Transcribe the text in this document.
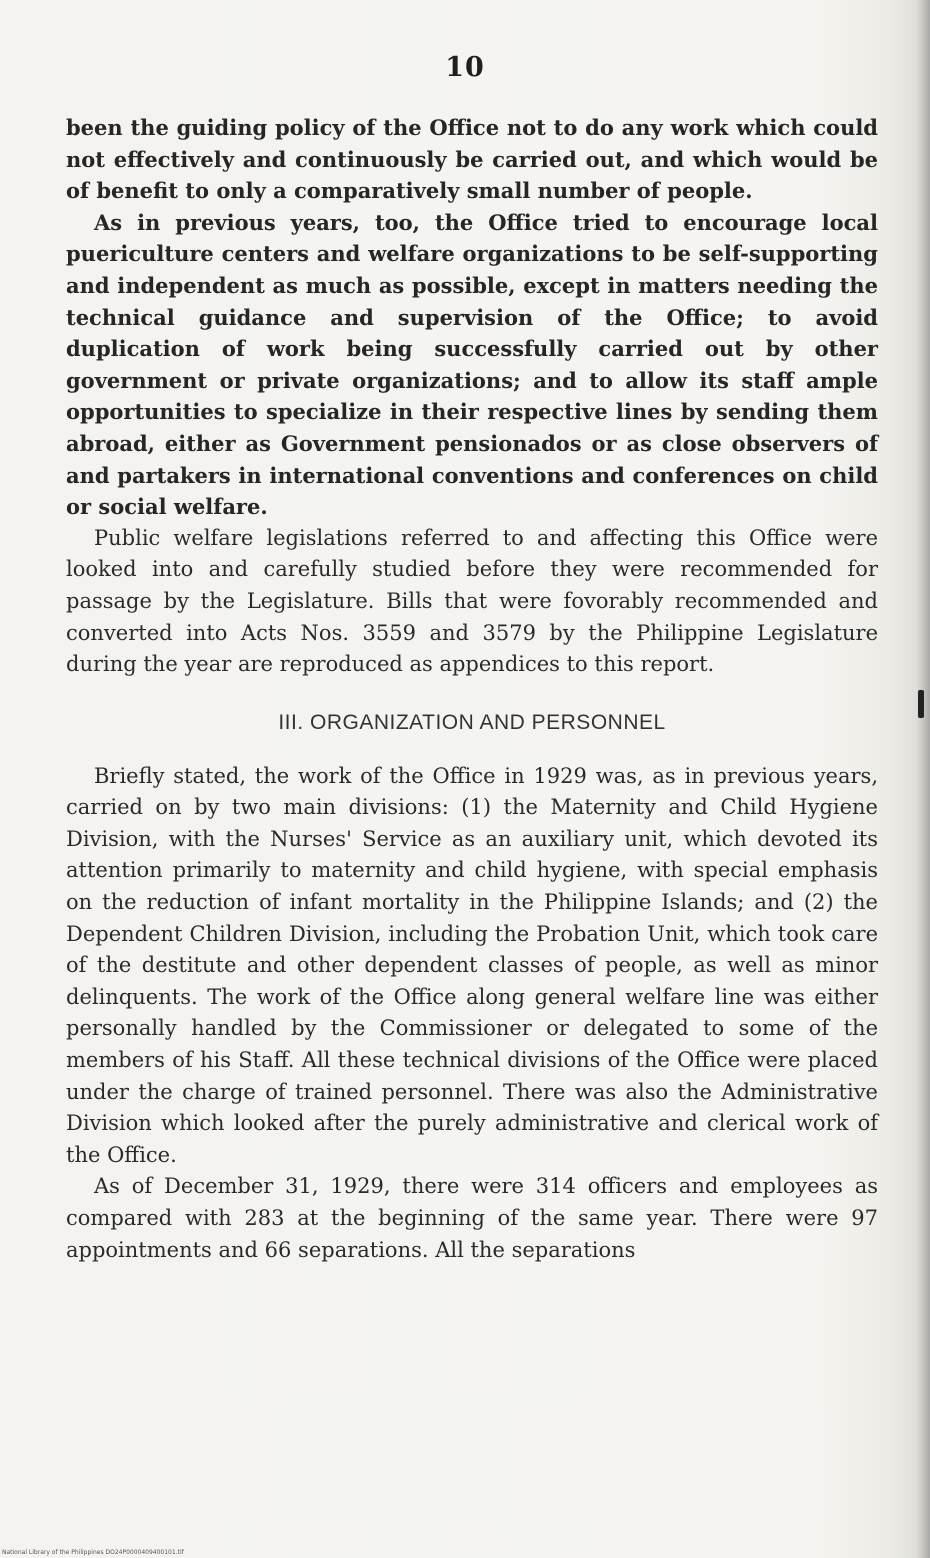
10

been the guiding policy of the Office not to do any work which could not effectively and continuously be carried out, and which would be of benefit to only a comparatively small number of people.

As in previous years, too, the Office tried to encourage local puericulture centers and welfare organizations to be self-supporting and independent as much as possible, except in matters needing the technical guidance and supervision of the Office; to avoid duplication of work being successfully carried out by other government or private organizations; and to allow its staff ample opportunities to specialize in their respective lines by sending them abroad, either as Government pensionados or as close observers of and partakers in international conventions and conferences on child or social welfare.

Public welfare legislations referred to and affecting this Office were looked into and carefully studied before they were recommended for passage by the Legislature. Bills that were fovorably recommended and converted into Acts Nos. 3559 and 3579 by the Philippine Legislature during the year are reproduced as appendices to this report.

III. ORGANIZATION AND PERSONNEL

Briefly stated, the work of the Office in 1929 was, as in previous years, carried on by two main divisions: (1) the Maternity and Child Hygiene Division, with the Nurses' Service as an auxiliary unit, which devoted its attention primarily to maternity and child hygiene, with special emphasis on the reduction of infant mortality in the Philippine Islands; and (2) the Dependent Children Division, including the Probation Unit, which took care of the destitute and other dependent classes of people, as well as minor delinquents. The work of the Office along general welfare line was either personally handled by the Commissioner or delegated to some of the members of his Staff. All these technical divisions of the Office were placed under the charge of trained personnel. There was also the Administrative Division which looked after the purely administrative and clerical work of the Office.

As of December 31, 1929, there were 314 officers and employees as compared with 283 at the beginning of the same year. There were 97 appointments and 66 separations. All the separations

National Library of the Philippines DO24P0000409400101.tif
